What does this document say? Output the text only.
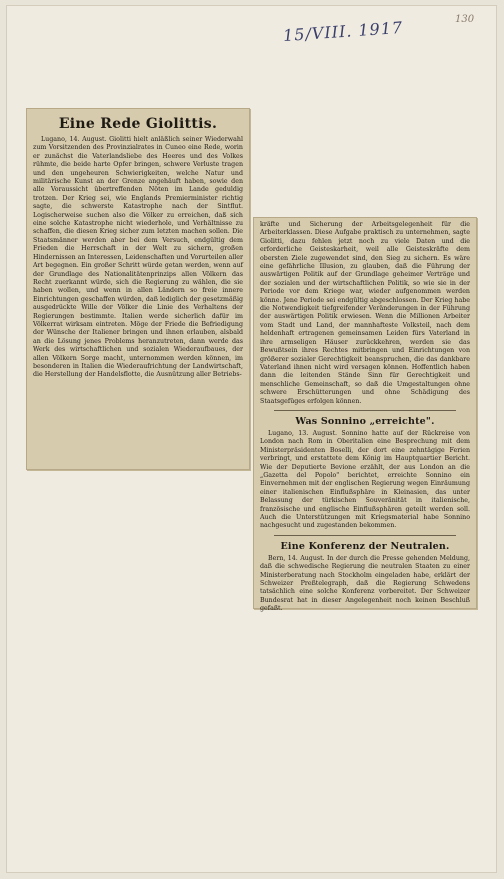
15/VIII. 1917	130
Eine Rede Giolittis.

Lugano, 14. August. Giolitti hielt anläßlich seiner Wiederwahl zum Vorsitzenden des Provinzialrates in Cuneo eine Rede, worin er zunächst die Vaterlandsliebe des Heeres und des Volkes rühmte, die beide harte Opfer bringen, schwere Verluste tragen und den ungeheuren Schwierigkeiten, welche Natur und militärische Kunst an der Grenze angehäuft haben, sowie den alle Voraussicht übertreffenden Nöten im Lande geduldig trotzen. Der Krieg sei, wie Englands Premierminister richtig sagte, die schwerste Katastrophe nach der Sintflut. Logischerweise suchen also die Völker zu erreichen, daß sich eine solche Katastrophe nicht wiederhole, und Verhältnisse zu schaffen, die diesen Krieg sicher zum letzten machen sollen. Die Staatsmänner werden aber bei dem Versuch, endgültig dem Frieden die Herrschaft in der Welt zu sichern, großen Hindernissen an Interessen, Leidenschaften und Vorurteilen aller Art begegnen. Ein großer Schritt würde getan werden, wenn auf der Grundlage des Nationalitätenprinzips allen Völkern das Recht zuerkannt würde, sich die Regierung zu wählen, die sie haben wollen, und wenn in allen Ländern so freie innere Einrichtungen geschaffen würden, daß lediglich der gesetzmäßig ausgedrückte Wille der Völker die Linie des Verhaltens der Regierungen bestimmte. Italien werde sicherlich dafür im Völkerrat wirksam eintreten. Möge der Friede die Befriedigung der Wünsche der Italiener bringen und ihnen erlauben, alsbald an die Lösung jenes Problems heranzutreten, dann werde das Werk des wirtschaftlichen und sozialen Wiederaufbaues, der allen Völkern Sorge macht, unternommen werden können, im besonderen in Italien die Wiederaufrichtung der Landwirtschaft, die Herstellung der Handelsflotte, die Ausnützung aller Betriebs-

kräfte und Sicherung der Arbeitsgelegenheit für die Arbeiterklassen. Diese Aufgabe praktisch zu unternehmen, sagte Giolitti, dazu fehlen jetzt noch zu viele Daten und die erforderliche Geisteskarheit, weil alle Geisteskräfte dem obersten Ziele zugewendet sind, den Sieg zu sichern. Es wäre eine gefährliche Illusion, zu glauben, daß die Führung der auswärtigen Politik auf der Grundlage geheimer Verträge und der sozialen und der wirtschaftlichen Politik, so wie sie in der Periode vor dem Kriege war, wieder aufgenommen werden könne. Jene Periode sei endgültig abgeschlossen. Der Krieg habe die Notwendigkeit tiefgreifender Veränderungen in der Führung der auswärtigen Politik erwiesen. Wenn die Millionen Arbeiter vom Stadt und Land, der mannhafteste Volksteil, nach dem heldenhaft ertragenen gemeinsamen Leiden fürs Vaterland in ihre armseligen Häuser zurückkehren, werden sie das Bewußtsein ihres Rechtes mitbringen und Einrichtungen von größerer sozialer Gerechtigkeit beanspruchen, die das dankbare Vaterland ihnen nicht wird versagen können. Hoffentlich haben dann die leitenden Stände Sinn für Gerechtigkeit und menschliche Gemeinschaft, so daß die Umgestaltungen ohne schwere Erschütterungen und ohne Schädigung des Staatsgefüges erfolgen können.

Was Sonnino „erreichte".

Lugano, 13. August. Sonnino hatte auf der Rückreise von London nach Rom in Oberitalien eine Besprechung mit dem Ministerpräsidenten Boselli, der dort eine zehntägige Ferien verbringt, und erstattete dem König im Hauptquartier Bericht. Wie der Deputierte Bevione erzählt, der aus London an die „Gazetta del Popolo" berichtet, erreichte Sonnino ein Einvernehmen mit der englischen Regierung wegen Einräumung einer italienischen Einflußsphäre in Kleinasien, das unter Belassung der türkischen Souveränität in italienische, französische und englische Einflußsphären geteilt werden soll. Auch die Unterstützungen mit Kriegsmaterial habe Sonnino nachgesucht und zugestanden bekommen.

Eine Konferenz der Neutralen.

Bern, 14. August. In der durch die Presse gehenden Meldung, daß die schwedische Regierung die neutralen Staaten zu einer Ministerberatung nach Stockholm eingeladen habe, erklärt der Schweizer Preßtelegraph, daß die Regierung Schwedens tatsächlich eine solche Konferenz vorbereitet. Der Schweizer Bundesrat hat in dieser Angelegenheit noch keinen Beschluß gefaßt.
